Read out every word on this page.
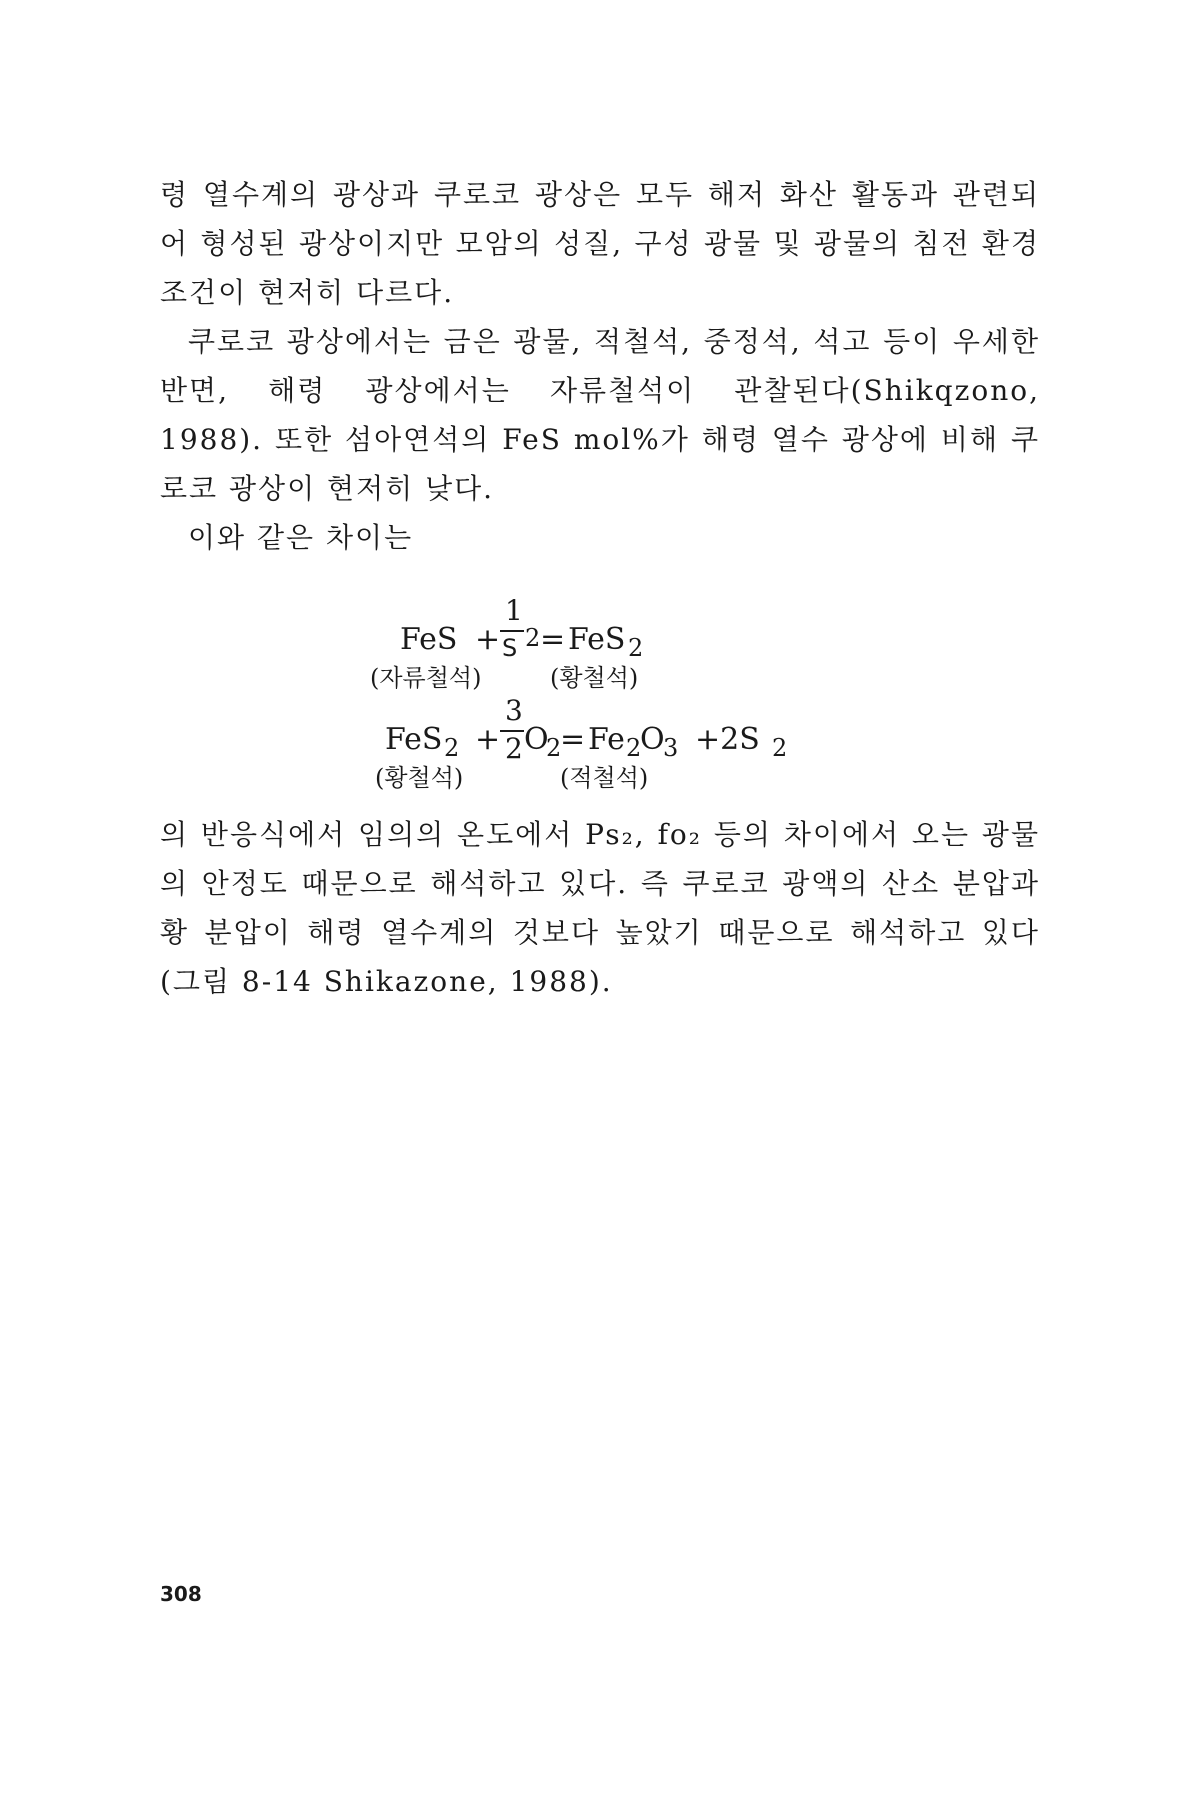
령 열수계의 광상과 쿠로코 광상은 모두 해저 화산 활동과 관련되어 형성된 광상이지만 모암의 성질, 구성 광물 및 광물의 침전 환경 조건이 현저히 다르다.

쿠로코 광상에서는 금은 광물, 적철석, 중정석, 석고 등이 우세한 반면, 해령 광상에서는 자류철석이 관찰된다(Shikqzono, 1988). 또한 섬아연석의 FeS mol%가 해령 열수 광상에 비해 쿠로코 광상이 현저히 낮다.

이와 같은 차이는

FeS +
1
S 2 = FeS 2
(자류철석)	(황철석)
FeS 2 +
3
2 O
2
= Fe 2
O
3 +2S 2
(황철석)	(적철석)

의 반응식에서 임의의 온도에서 Ps₂, fo₂ 등의 차이에서 오는 광물의 안정도 때문으로 해석하고 있다. 즉 쿠로코 광액의 산소 분압과 황 분압이 해령 열수계의 것보다 높았기 때문으로 해석하고 있다(그림 8-14 Shikazone, 1988).

308
